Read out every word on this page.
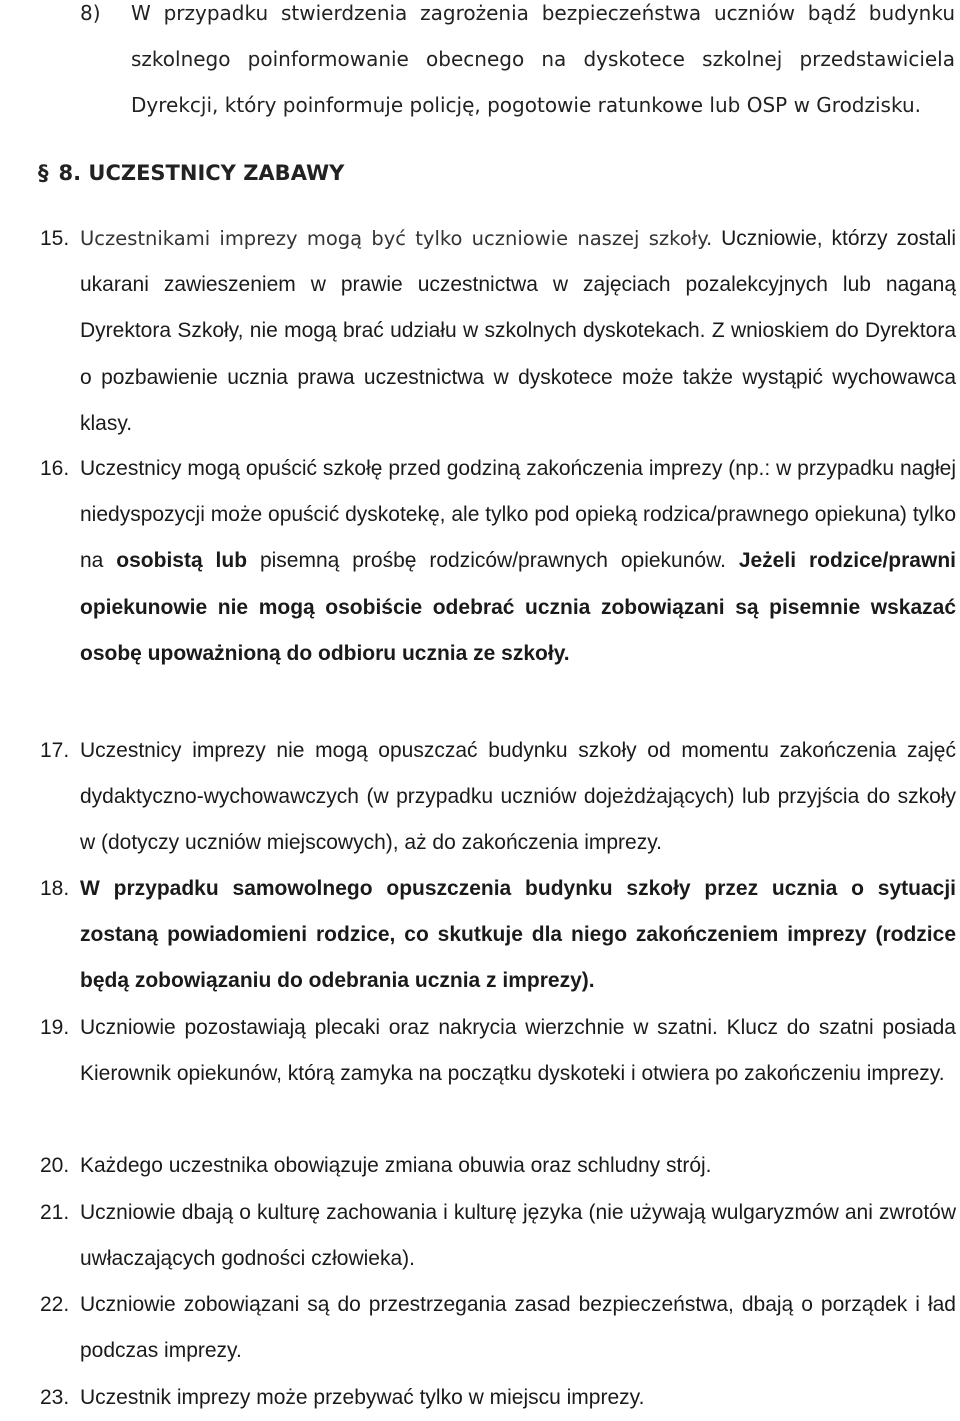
8) W przypadku stwierdzenia zagrożenia bezpieczeństwa uczniów bądź budynku szkolnego poinformowanie obecnego na dyskotece szkolnej przedstawiciela Dyrekcji, który poinformuje policję, pogotowie ratunkowe lub OSP w Grodzisku.
§ 8. UCZESTNICY ZABAWY
15. Uczestnikami imprezy mogą być tylko uczniowie naszej szkoły. Uczniowie, którzy zostali ukarani zawieszeniem w prawie uczestnictwa w zajęciach pozalekcyjnych lub naganą Dyrektora Szkoły, nie mogą brać udziału w szkolnych dyskotekach. Z wnioskiem do Dyrektora o pozbawienie ucznia prawa uczestnictwa w dyskotece może także wystąpić wychowawca klasy.
16. Uczestnicy mogą opuścić szkołę przed godziną zakończenia imprezy (np.: w przypadku nagłej niedyspozycji może opuścić dyskotekę, ale tylko pod opieką rodzica/prawnego opiekuna) tylko na osobistą lub pisemną prośbę rodziców/prawnych opiekunów. Jeżeli rodzice/prawni opiekunowie nie mogą osobiście odebrać ucznia zobowiązani są pisemnie wskazać osobę upoważnioną do odbioru ucznia ze szkoły.
17. Uczestnicy imprezy nie mogą opuszczać budynku szkoły od momentu zakończenia zajęć dydaktyczno-wychowawczych (w przypadku uczniów dojeżdżających) lub przyjścia do szkoły w (dotyczy uczniów miejscowych), aż do zakończenia imprezy.
18. W przypadku samowolnego opuszczenia budynku szkoły przez ucznia o sytuacji zostaną powiadomieni rodzice, co skutkuje dla niego zakończeniem imprezy (rodzice będą zobowiązaniu do odebrania ucznia z imprezy).
19. Uczniowie pozostawiają plecaki oraz nakrycia wierzchnie w szatni. Klucz do szatni posiada Kierownik opiekunów, którą zamyka na początku dyskoteki i otwiera po zakończeniu imprezy.
20. Każdego uczestnika obowiązuje zmiana obuwia oraz schludny strój.
21. Uczniowie dbają o kulturę zachowania i kulturę języka (nie używają wulgaryzmów ani zwrotów uwłaczających godności człowieka).
22. Uczniowie zobowiązani są do przestrzegania zasad bezpieczeństwa, dbają o porządek i ład podczas imprezy.
23. Uczestnik imprezy może przebywać tylko w miejscu imprezy.
